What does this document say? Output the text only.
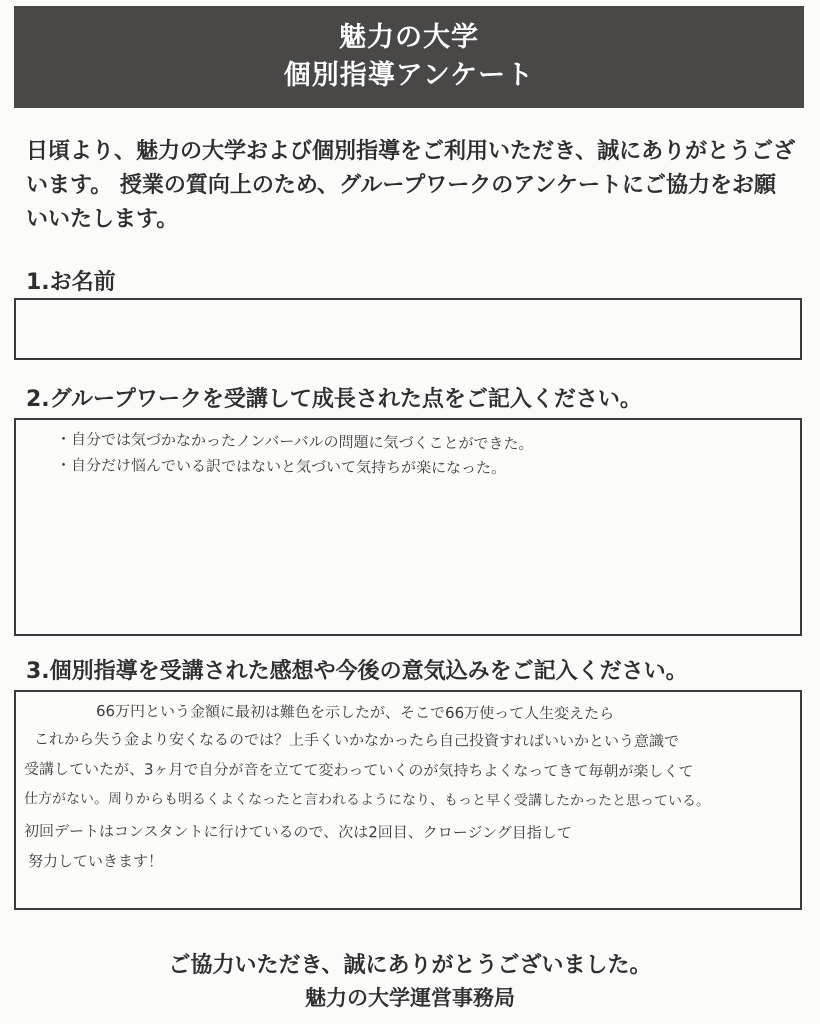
魅力の大学
個別指導アンケート
日頃より、魅力の大学および個別指導をご利用いただき、誠にありがとうございます。 授業の質向上のため、グループワークのアンケートにご協力をお願いいたします。
1.お名前
2.グループワークを受講して成長された点をご記入ください。
・自分では気づかなかったノンバーバルの問題に気づくことができた。
・自分だけ悩んでいる訳ではないと気づいて気持ちが楽になった。
3.個別指導を受講された感想や今後の意気込みをご記入ください。
66万円という金額に最初は難色を示したが、そこで66万使って人生変えたら
これから失う金より安くなるのでは？上手くいかなかったら自己投資すればいいかという意識で
受講していたが、3ヶ月で自分が音を立てて変わっていくのが気持ちよくなってきて毎朝が楽しくて
仕方がない。周りからも明るくよくなったと言われるようになり、もっと早く受講したかったと思っている。
初回デートはコンスタントに行けているので、次は2回目、クロージング目指して
努力していきます！
ご協力いただき、誠にありがとうございました。
魅力の大学運営事務局
